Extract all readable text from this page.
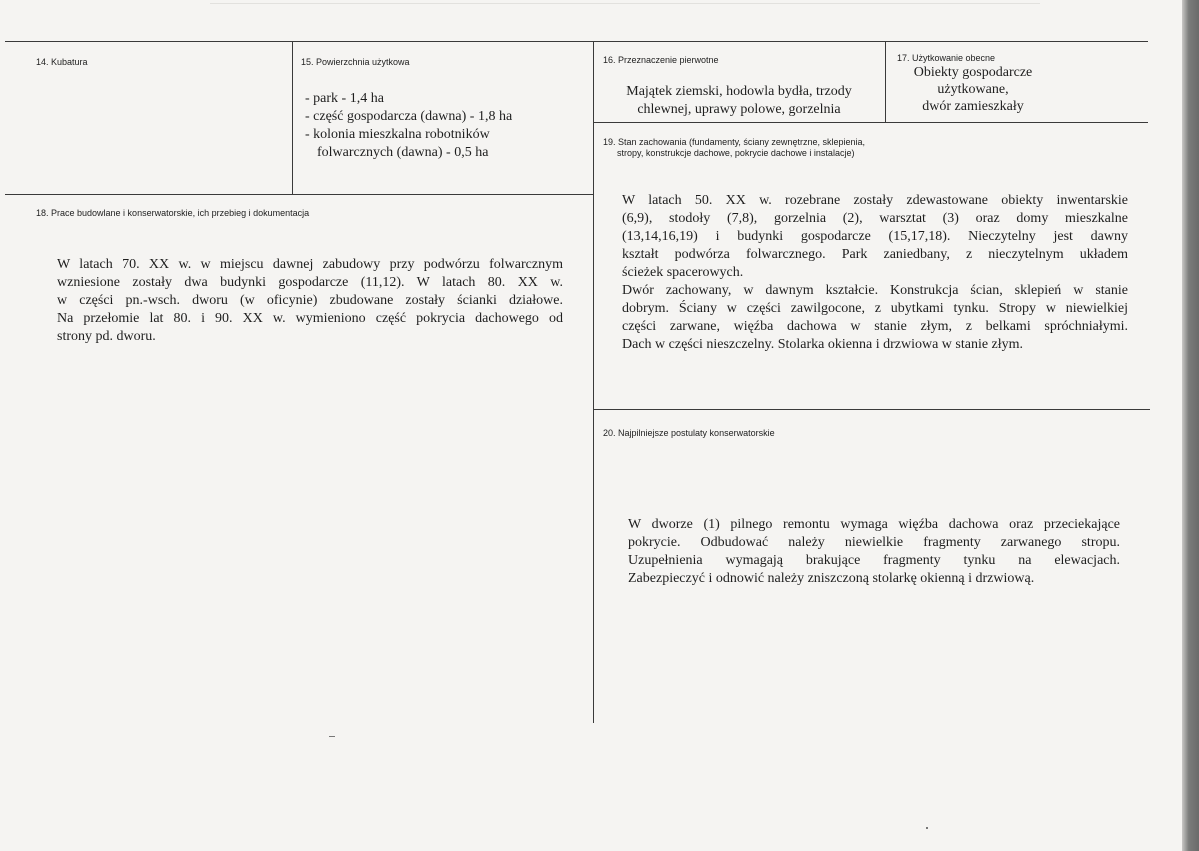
14. Kubatura	15. Powierzchnia użytkowa
- park - 1,4 ha
- część gospodarcza (dawna) - 1,8 ha
- kolonia mieszkalna robotników
folwarcznych (dawna) - 0,5 ha
16. Przeznaczenie pierwotne
Majątek ziemski, hodowla bydła, trzody
chlewnej, uprawy polowe, gorzelnia
17. Użytkowanie obecne
Obiekty gospodarcze
użytkowane,
dwór zamieszkały
18. Prace budowlane i konserwatorskie, ich przebieg i dokumentacja

W latach 70. XX w. w miejscu dawnej zabudowy przy podwórzu folwarcznym

wzniesione zostały dwa budynki gospodarcze (11,12). W latach 80. XX w.

w części pn.-wsch. dworu (w oficynie) zbudowane zostały ścianki działowe.

Na przełomie lat 80. i 90. XX w. wymieniono część pokrycia dachowego od

strony pd. dworu.

19. Stan zachowania (fundamenty, ściany zewnętrzne, sklepienia,
stropy, konstrukcje dachowe, pokrycie dachowe i instalacje)

W latach 50. XX w. rozebrane zostały zdewastowane obiekty inwentarskie

(6,9), stodoły (7,8), gorzelnia (2), warsztat (3) oraz domy mieszkalne

(13,14,16,19) i budynki gospodarcze (15,17,18). Nieczytelny jest dawny

kształt podwórza folwarcznego. Park zaniedbany, z nieczytelnym układem

ścieżek spacerowych.

Dwór zachowany, w dawnym kształcie. Konstrukcja ścian, sklepień w stanie

dobrym. Ściany w części zawilgocone, z ubytkami tynku. Stropy w niewielkiej

części zarwane, więźba dachowa w stanie złym, z belkami spróchniałymi.

Dach w części nieszczelny. Stolarka okienna i drzwiowa w stanie złym.

20. Najpilniejsze postulaty konserwatorskie

W dworze (1) pilnego remontu wymaga więźba dachowa oraz przeciekające

pokrycie. Odbudować należy niewielkie fragmenty zarwanego stropu.

Uzupełnienia wymagają brakujące fragmenty tynku na elewacjach.

Zabezpieczyć i odnowić należy zniszczoną stolarkę okienną i drzwiową.
